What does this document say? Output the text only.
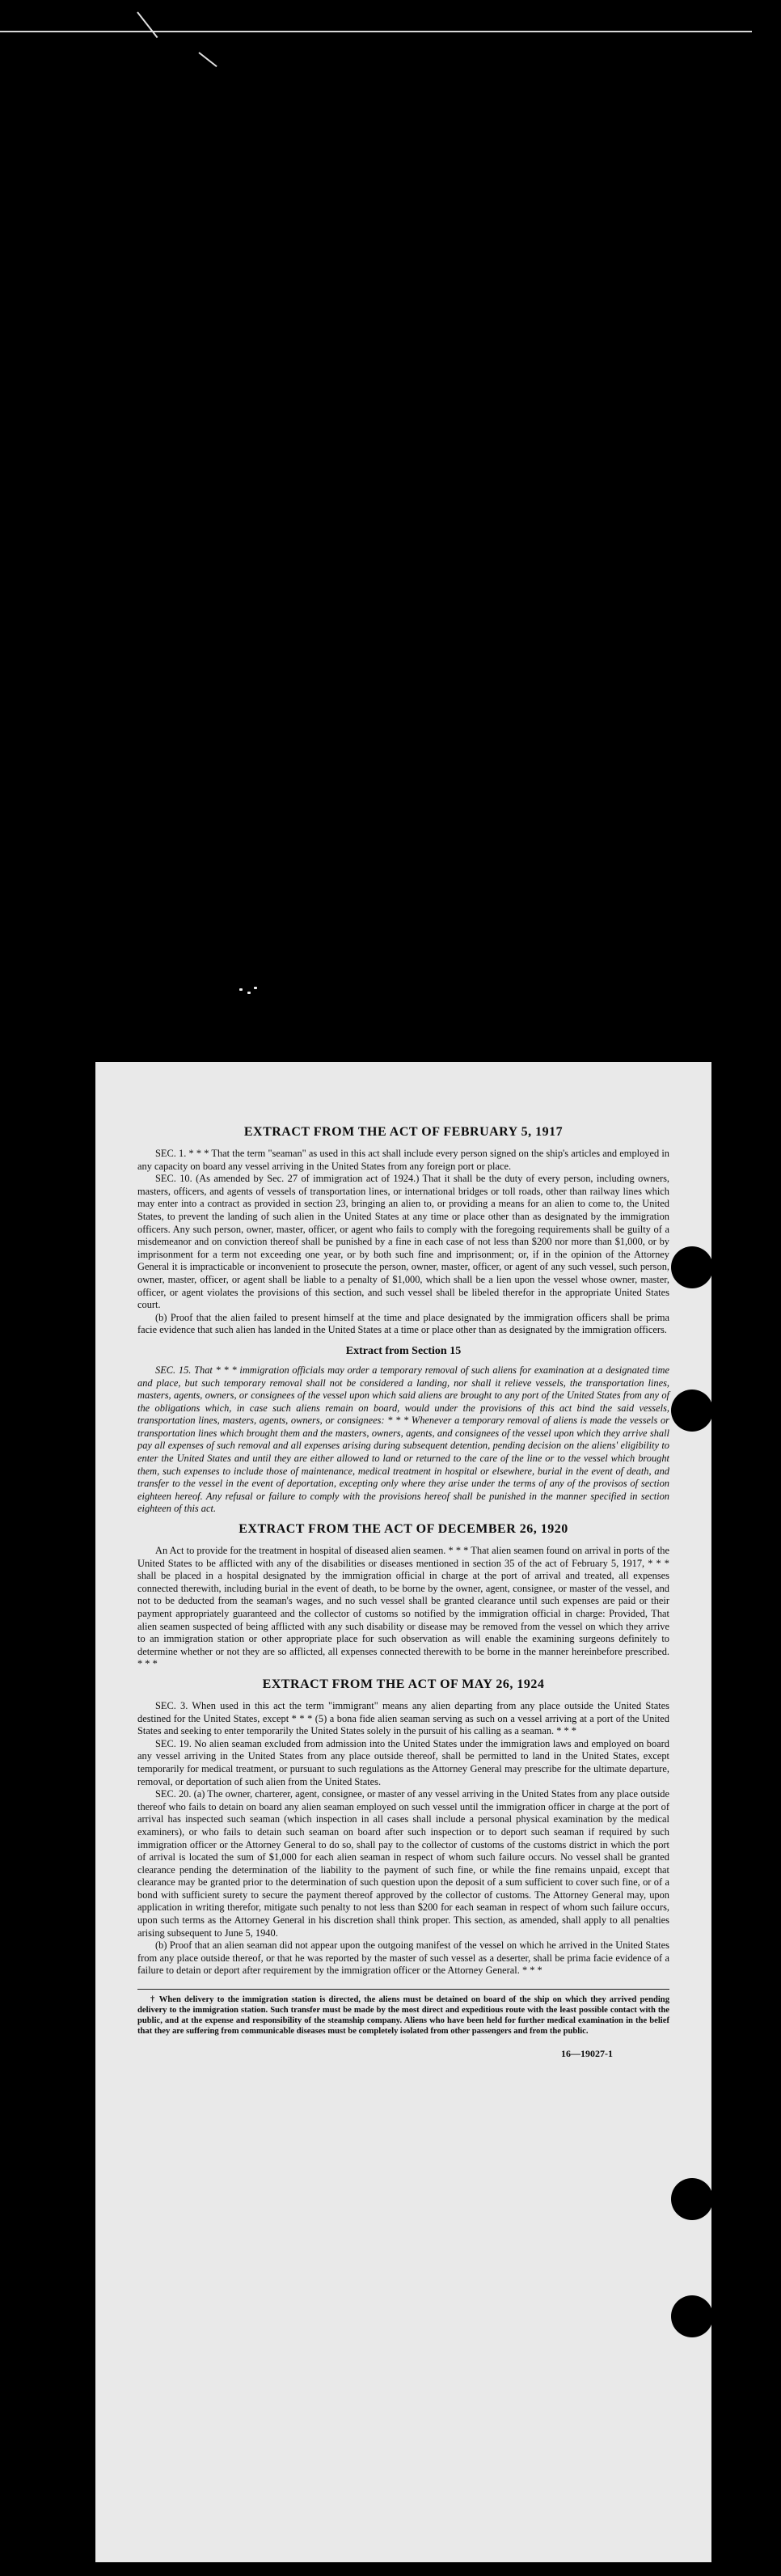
EXTRACT FROM THE ACT OF FEBRUARY 5, 1917

SEC. 1. * * * That the term "seaman" as used in this act shall include every person signed on the ship's articles and employed in any capacity on board any vessel arriving in the United States from any foreign port or place.

SEC. 10. (As amended by Sec. 27 of immigration act of 1924.) That it shall be the duty of every person, including owners, masters, officers, and agents of vessels of transportation lines, or international bridges or toll roads, other than railway lines which may enter into a contract as provided in section 23, bringing an alien to, or providing a means for an alien to come to, the United States, to prevent the landing of such alien in the United States at any time or place other than as designated by the immigration officers. Any such person, owner, master, officer, or agent who fails to comply with the foregoing requirements shall be guilty of a misdemeanor and on conviction thereof shall be punished by a fine in each case of not less than $200 nor more than $1,000, or by imprisonment for a term not exceeding one year, or by both such fine and imprisonment; or, if in the opinion of the Attorney General it is impracticable or inconvenient to prosecute the person, owner, master, officer, or agent of any such vessel, such person, owner, master, officer, or agent shall be liable to a penalty of $1,000, which shall be a lien upon the vessel whose owner, master, officer, or agent violates the provisions of this section, and such vessel shall be libeled therefor in the appropriate United States court.

(b) Proof that the alien failed to present himself at the time and place designated by the immigration officers shall be prima facie evidence that such alien has landed in the United States at a time or place other than as designated by the immigration officers.

Extract from Section 15

SEC. 15. That * * * immigration officials may order a temporary removal of such aliens for examination at a designated time and place, but such temporary removal shall not be considered a landing, nor shall it relieve vessels, the transportation lines, masters, agents, owners, or consignees of the vessel upon which said aliens are brought to any port of the United States from any of the obligations which, in case such aliens remain on board, would under the provisions of this act bind the said vessels, transportation lines, masters, agents, owners, or consignees: * * * Whenever a temporary removal of aliens is made the vessels or transportation lines which brought them and the masters, owners, agents, and consignees of the vessel upon which they arrive shall pay all expenses of such removal and all expenses arising during subsequent detention, pending decision on the aliens' eligibility to enter the United States and until they are either allowed to land or returned to the care of the line or to the vessel which brought them, such expenses to include those of maintenance, medical treatment in hospital or elsewhere, burial in the event of death, and transfer to the vessel in the event of deportation, excepting only where they arise under the terms of any of the provisos of section eighteen hereof. Any refusal or failure to comply with the provisions hereof shall be punished in the manner specified in section eighteen of this act.

EXTRACT FROM THE ACT OF DECEMBER 26, 1920

An Act to provide for the treatment in hospital of diseased alien seamen. * * * That alien seamen found on arrival in ports of the United States to be afflicted with any of the disabilities or diseases mentioned in section 35 of the act of February 5, 1917, * * * shall be placed in a hospital designated by the immigration official in charge at the port of arrival and treated, all expenses connected therewith, including burial in the event of death, to be borne by the owner, agent, consignee, or master of the vessel, and not to be deducted from the seaman's wages, and no such vessel shall be granted clearance until such expenses are paid or their payment appropriately guaranteed and the collector of customs so notified by the immigration official in charge: Provided, That alien seamen suspected of being afflicted with any such disability or disease may be removed from the vessel on which they arrive to an immigration station or other appropriate place for such observation as will enable the examining surgeons definitely to determine whether or not they are so afflicted, all expenses connected therewith to be borne in the manner hereinbefore prescribed. * * *

EXTRACT FROM THE ACT OF MAY 26, 1924

SEC. 3. When used in this act the term "immigrant" means any alien departing from any place outside the United States destined for the United States, except * * * (5) a bona fide alien seaman serving as such on a vessel arriving at a port of the United States and seeking to enter temporarily the United States solely in the pursuit of his calling as a seaman. * * *

SEC. 19. No alien seaman excluded from admission into the United States under the immigration laws and employed on board any vessel arriving in the United States from any place outside thereof, shall be permitted to land in the United States, except temporarily for medical treatment, or pursuant to such regulations as the Attorney General may prescribe for the ultimate departure, removal, or deportation of such alien from the United States.

SEC. 20. (a) The owner, charterer, agent, consignee, or master of any vessel arriving in the United States from any place outside thereof who fails to detain on board any alien seaman employed on such vessel until the immigration officer in charge at the port of arrival has inspected such seaman (which inspection in all cases shall include a personal physical examination by the medical examiners), or who fails to detain such seaman on board after such inspection or to deport such seaman if required by such immigration officer or the Attorney General to do so, shall pay to the collector of customs of the customs district in which the port of arrival is located the sum of $1,000 for each alien seaman in respect of whom such failure occurs. No vessel shall be granted clearance pending the determination of the liability to the payment of such fine, or while the fine remains unpaid, except that clearance may be granted prior to the determination of such question upon the deposit of a sum sufficient to cover such fine, or of a bond with sufficient surety to secure the payment thereof approved by the collector of customs. The Attorney General may, upon application in writing therefor, mitigate such penalty to not less than $200 for each seaman in respect of whom such failure occurs, upon such terms as the Attorney General in his discretion shall think proper. This section, as amended, shall apply to all penalties arising subsequent to June 5, 1940.

(b) Proof that an alien seaman did not appear upon the outgoing manifest of the vessel on which he arrived in the United States from any place outside thereof, or that he was reported by the master of such vessel as a deserter, shall be prima facie evidence of a failure to detain or deport after requirement by the immigration officer or the Attorney General. * * *

† When delivery to the immigration station is directed, the aliens must be detained on board of the ship on which they arrived pending delivery to the immigration station. Such transfer must be made by the most direct and expeditious route with the least possible contact with the public, and at the expense and responsibility of the steamship company. Aliens who have been held for further medical examination in the belief that they are suffering from communicable diseases must be completely isolated from other passengers and from the public.

16—19027-1
